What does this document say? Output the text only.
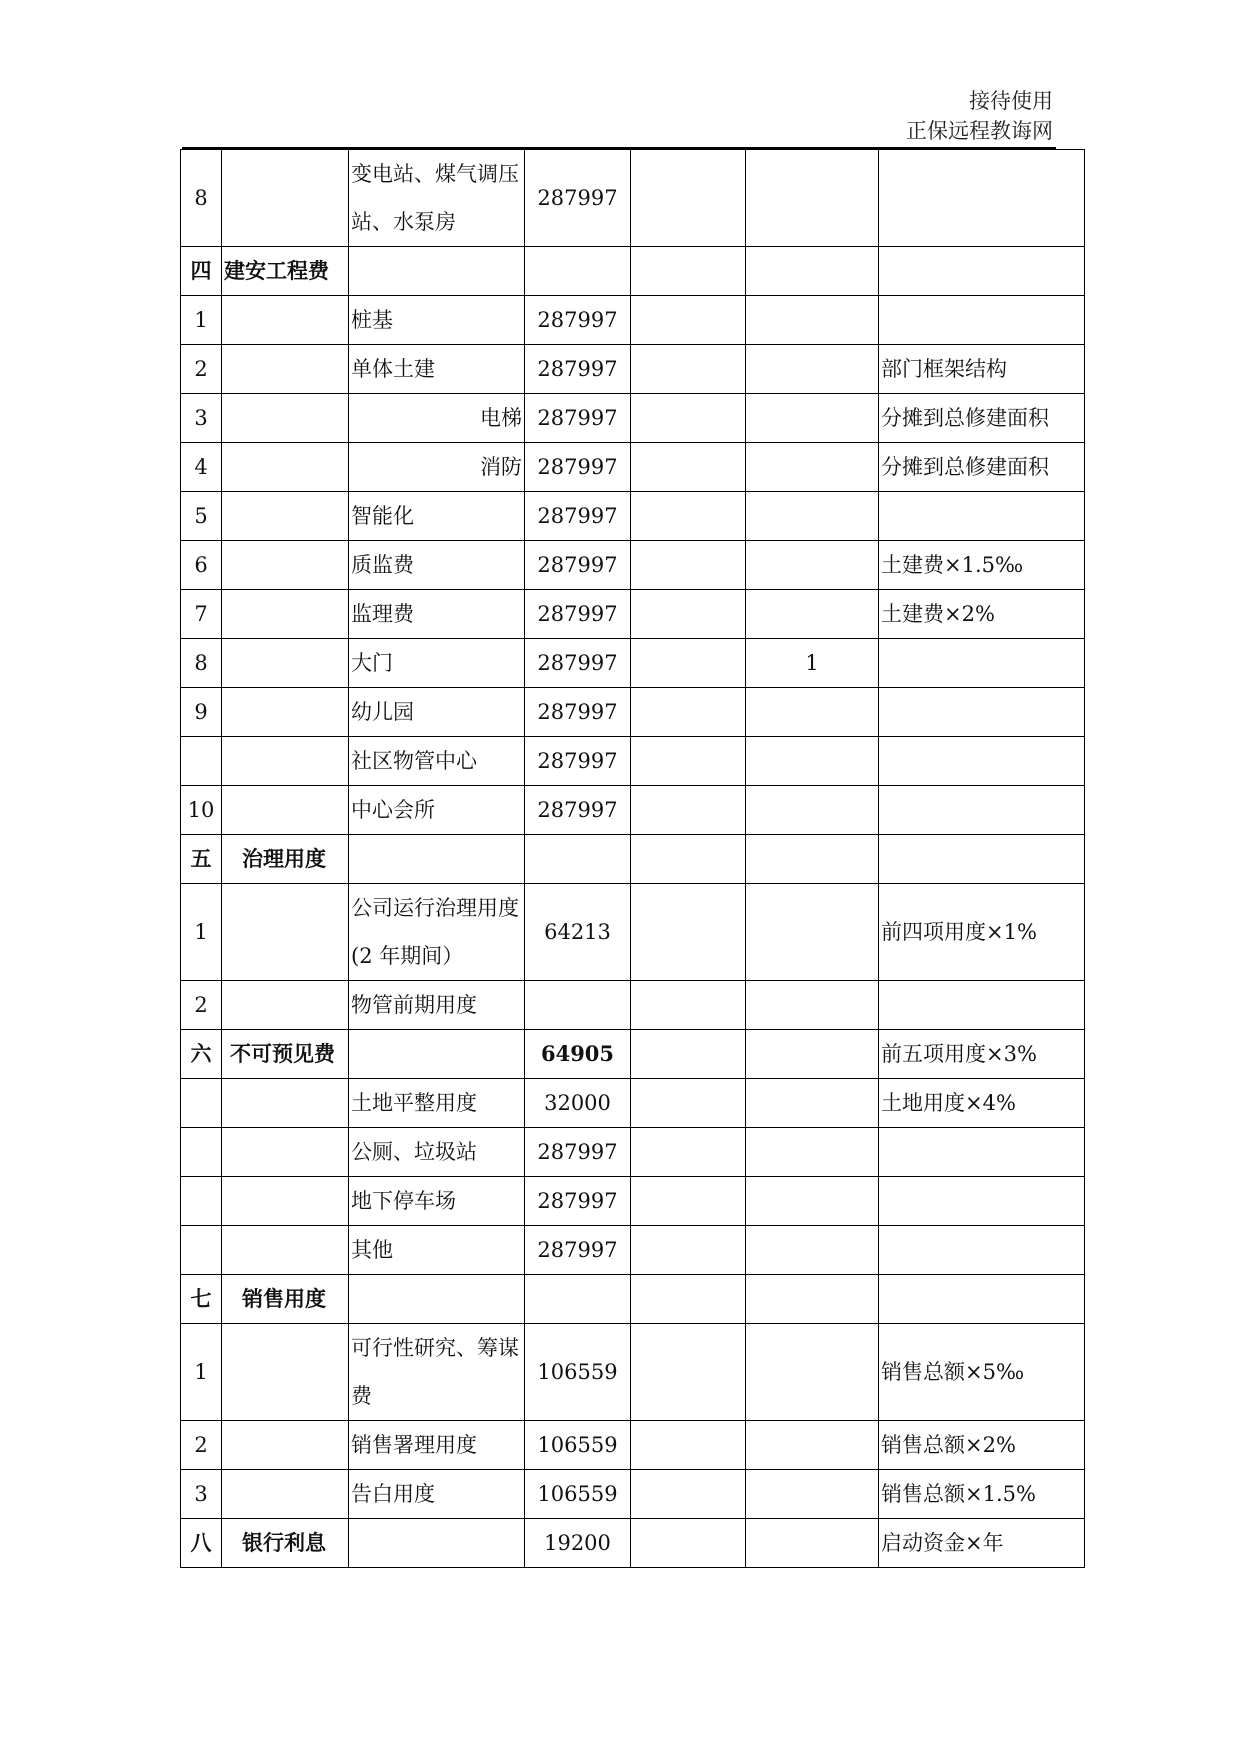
接待使用
正保远程教诲网
8		变电站、煤气调压站、水泵房	287997			
四	建安工程费					
1		桩基	287997			
2		单体土建	287997			部门框架结构
3		电梯	287997			分摊到总修建面积
4		消防	287997			分摊到总修建面积
5		智能化	287997			
6		质监费	287997			土建费×1.5‰
7		监理费	287997			土建费×2%
8		大门	287997		1	
9		幼儿园	287997			
		社区物管中心	287997			
10		中心会所	287997			
五	治理用度					
1		公司运行治理用度(2 年期间）	64213			前四项用度×1%
2		物管前期用度				
六	不可预见费		64905			前五项用度×3%
		土地平整用度	32000			土地用度×4%
		公厕、垃圾站	287997			
		地下停车场	287997			
		其他	287997			
七	销售用度					
1		可行性研究、筹谋费	106559			销售总额×5‰
2		销售署理用度	106559			销售总额×2%
3		告白用度	106559			销售总额×1.5%
八	银行利息		19200			启动资金×年
